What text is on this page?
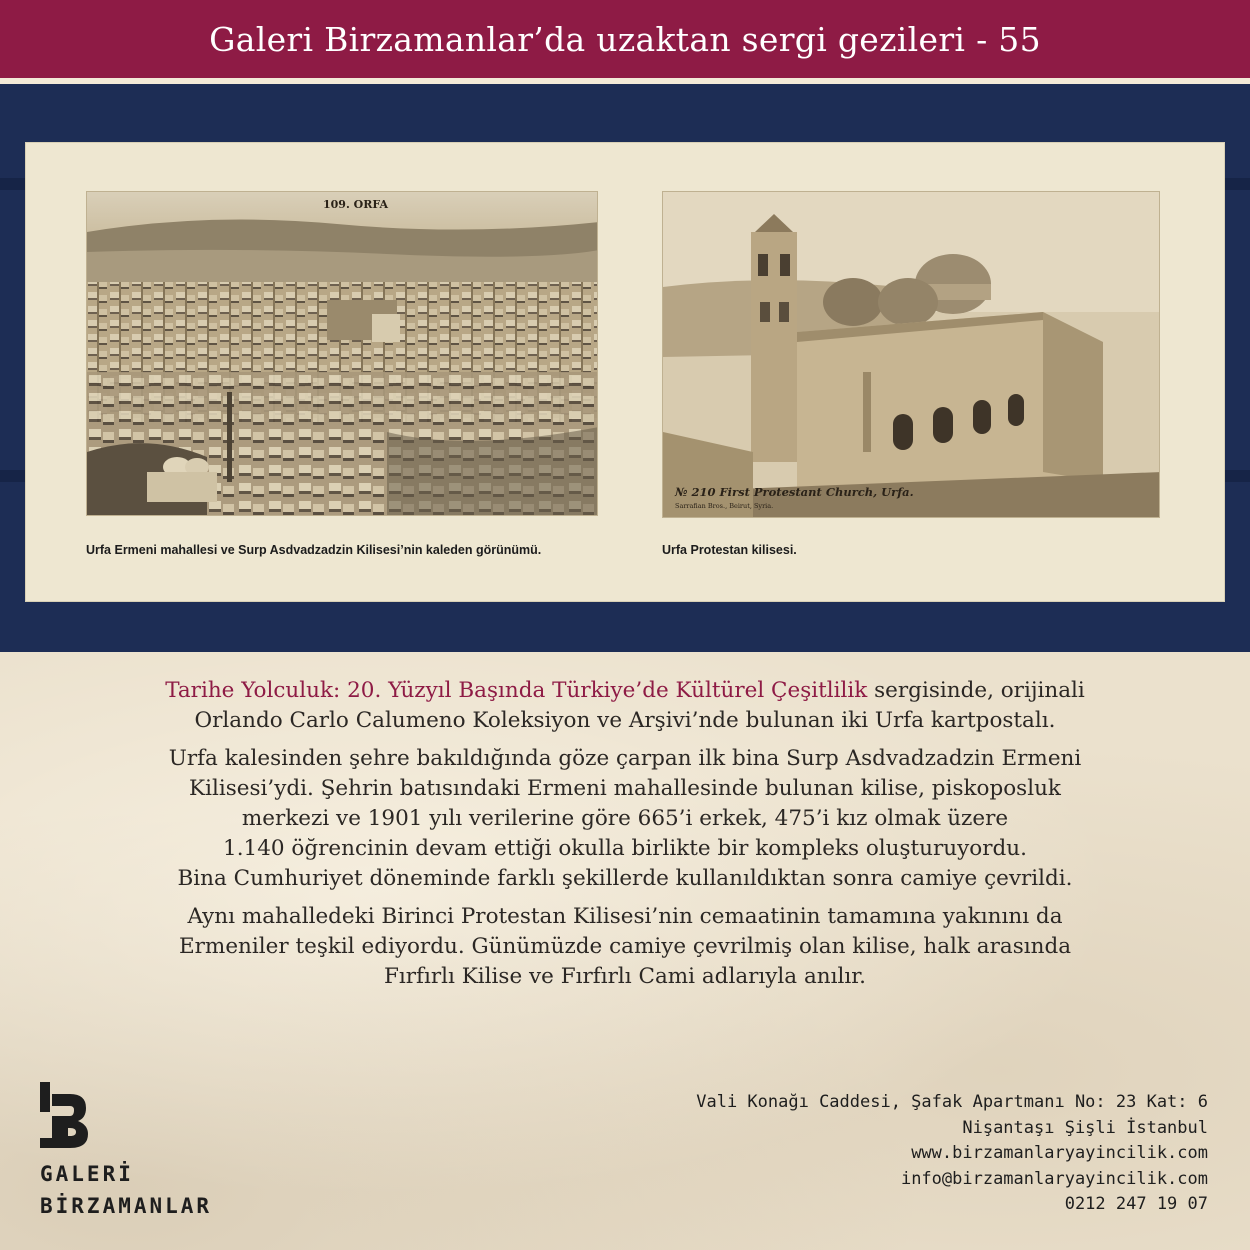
Galeri Birzamanlar’da uzaktan sergi gezileri - 55
109. ORFA
Urfa Ermeni mahallesi ve Surp Asdvadzadzin Kilisesi’nin kaleden görünümü.
№ 210 First Protestant Church, Urfa.
Sarrafian Bros., Beirut, Syria.
Urfa Protestan kilisesi.

Tarihe Yolculuk: 20. Yüzyıl Başında Türkiye’de Kültürel Çeşitlilik sergisinde, orijinali
Orlando Carlo Calumeno Koleksiyon ve Arşivi’nde bulunan iki Urfa kartpostalı.

Urfa kalesinden şehre bakıldığında göze çarpan ilk bina Surp Asdvadzadzin Ermeni
Kilisesi’ydi. Şehrin batısındaki Ermeni mahallesinde bulunan kilise, piskoposluk
merkezi ve 1901 yılı verilerine göre 665’i erkek, 475’i kız olmak üzere
1.140 öğrencinin devam ettiği okulla birlikte bir kompleks oluşturuyordu.
Bina Cumhuriyet döneminde farklı şekillerde kullanıldıktan sonra camiye çevrildi.

Aynı mahalledeki Birinci Protestan Kilisesi’nin cemaatinin tamamına yakınını da
Ermeniler teşkil ediyordu. Günümüzde camiye çevrilmiş olan kilise, halk arasında
Fırfırlı Kilise ve Fırfırlı Cami adlarıyla anılır.

GALERİ
BİRZAMANLAR
Vali Konağı Caddesi, Şafak Apartmanı No: 23 Kat: 6
Nişantaşı Şişli İstanbul
www.birzamanlaryayincilik.com
info@birzamanlaryayincilik.com
0212 247 19 07
